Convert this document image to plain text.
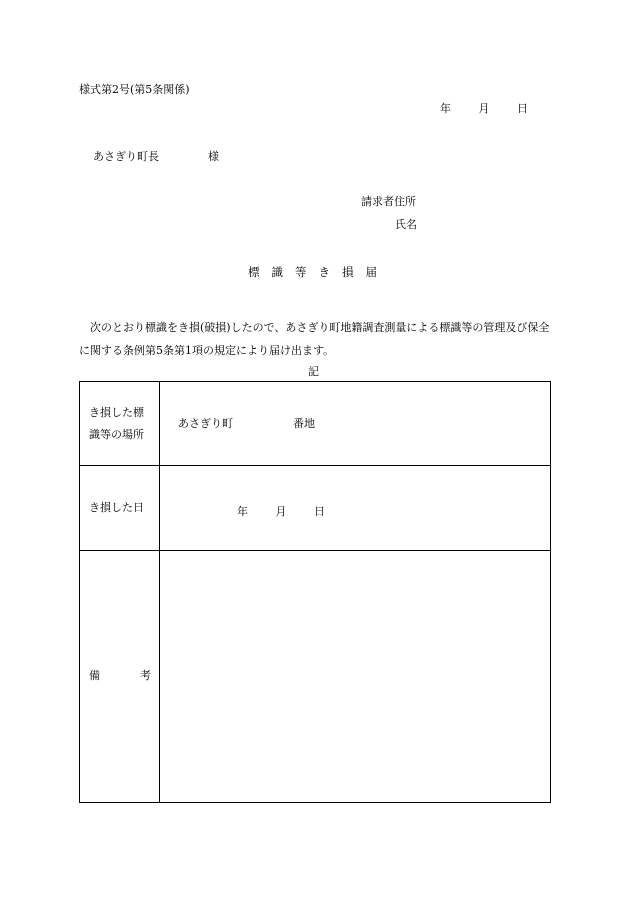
様式第2号(第5条関係)
年	月	日
あさぎり町長	様
請求者住所
氏名
標識等き損届
次のとおり標識をき損(破損)したので、あさぎり町地籍調査測量による標識等の管理及び保全に関する条例第5条第1項の規定により届け出ます。
記
き損した標
識等の場所
あさぎり町	番地
き損した日	年	月	日
備	考
